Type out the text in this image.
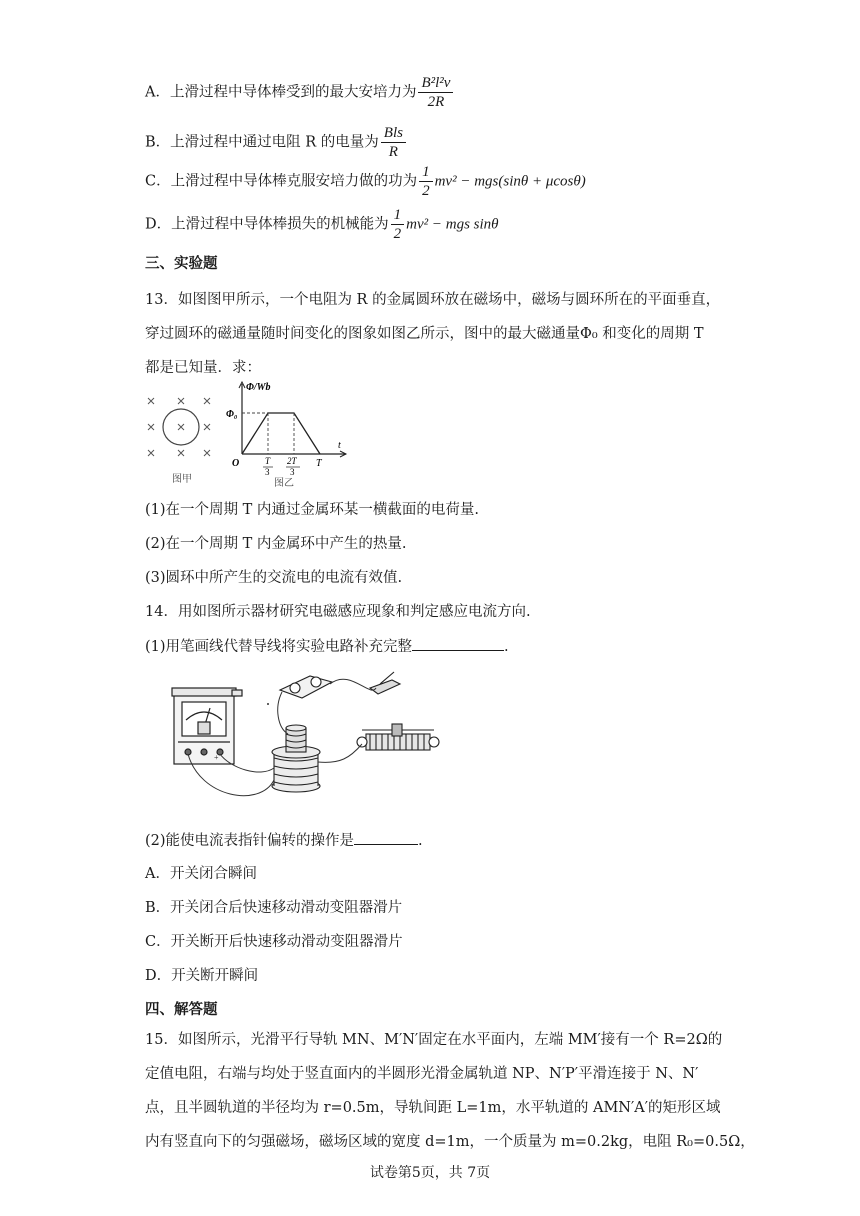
A．上滑过程中导体棒受到的最大安培力为 $\frac{\text{B²l²v}}{2R}$
B．上滑过程中通过电阻 R 的电量为 $\frac{\text{Bls}}{R}$
C．上滑过程中导体棒克服安培力做的功为 $\frac{1}{2} mv^2 - mgs(\sin\theta + \mu\cos\theta)$
D．上滑过程中导体棒损失的机械能为 $\frac{1}{2} mv^2$ − mgs sinθ
三、实验题
13．如图图甲所示，一个电阻为 R 的金属圆环放在磁场中，磁场与圆环所在的平面垂直，
穿过圆环的磁通量随时间变化的图象如图乙所示，图中的最大磁通量Φ₀ 和变化的周期 T
都是已知量．求：
图甲
Φ/Wb
Φ₀
O
t
T
3
2T
3
T
图乙
(1)在一个周期 T 内通过金属环某一横截面的电荷量.
(2)在一个周期 T 内金属环中产生的热量.
(3)圆环中所产生的交流电的电流有效值.
14．用如图所示器材研究电磁感应现象和判定感应电流方向.
(1)用笔画线代替导线将实验电路补充完整	.
+
(2)能使电流表指针偏转的操作是	.
A．开关闭合瞬间
B．开关闭合后快速移动滑动变阻器滑片
C．开关断开后快速移动滑动变阻器滑片
D．开关断开瞬间
四、解答题
15．如图所示，光滑平行导轨 MN、M′N′固定在水平面内，左端 MM′接有一个 R=2Ω的
定值电阻，右端与均处于竖直面内的半圆形光滑金属轨道 NP、N′P′平滑连接于 N、N′
点，且半圆轨道的半径均为 r=0.5m，导轨间距 L=1m，水平轨道的 AMN′A′的矩形区域
内有竖直向下的匀强磁场，磁场区域的宽度 d=1m，一个质量为 m=0.2kg，电阻 R₀=0.5Ω，
试卷第5页，共 7页
